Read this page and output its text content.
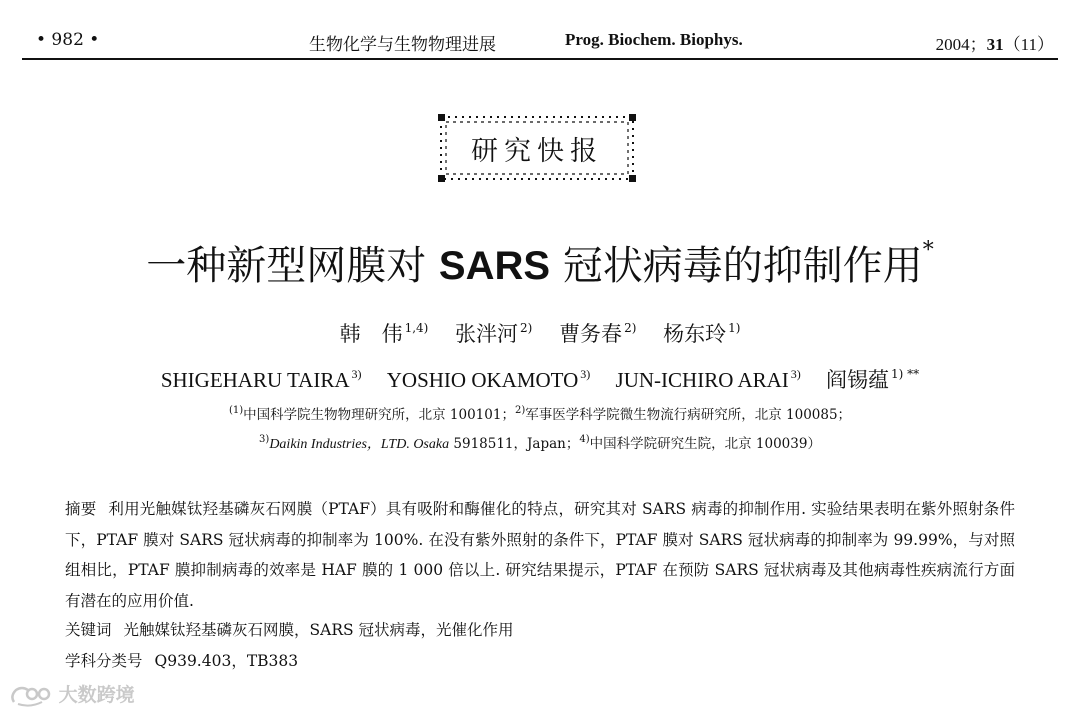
• 982 •	生物化学与生物物理进展	Prog. Biochem. Biophys.	2004；31（11）
研究快报
一种新型网膜对 SARS 冠状病毒的抑制作用*
韩　伟 $^{1,4)}$ 张泮河 $^{2)}$ 曹务春 $^{2)}$ 杨东玲 $^{1)}$
SHIGEHARU TAIRA $^{3)}$ YOSHIO OKAMOTO $^{3)}$ JUN-ICHIRO ARAI $^{3)}$ 阎锡蕴 $^{1) **}$
$^{(1)}$中国科学院生物物理研究所，北京 100101；$^{2)}$军事医学科学院微生物流行病研究所，北京 100085；
$^{3)}$Daikin Industries，LTD. Osaka 5918511，Japan；$^{4)}$中国科学院研究生院，北京 100039）
摘要 利用光触媒钛羟基磷灰石网膜（PTAF）具有吸附和酶催化的特点，研究其对 SARS 病毒的抑制作用. 实验结果表明在紫外照射条件下，PTAF 膜对 SARS 冠状病毒的抑制率为 100%. 在没有紫外照射的条件下，PTAF 膜对 SARS 冠状病毒的抑制率为 99.99%，与对照组相比，PTAF 膜抑制病毒的效率是 HAF 膜的 1 000 倍以上. 研究结果提示，PTAF 在预防 SARS 冠状病毒及其他病毒性疾病流行方面有潜在的应用价值.
关键词 光触媒钛羟基磷灰石网膜，SARS 冠状病毒，光催化作用
学科分类号 Q939.403，TB383
大数跨境
